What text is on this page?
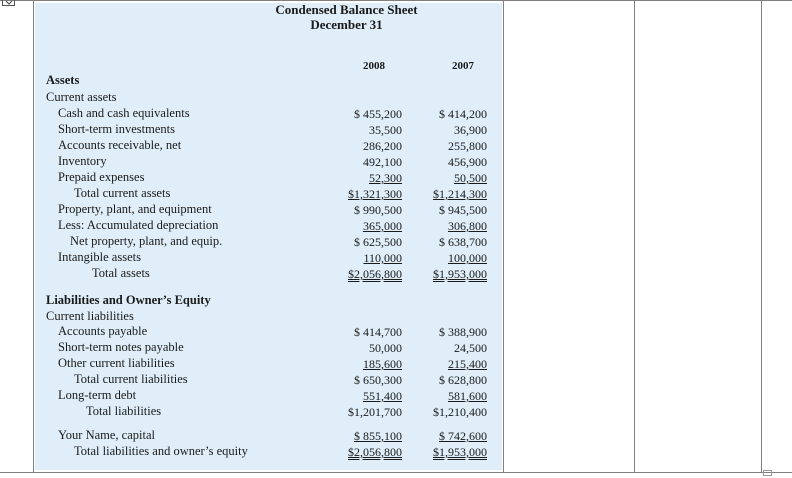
Condensed Balance Sheet
December 31
2008	2007
Assets
Current assets
Cash and cash equivalents	$ 455,200	$ 414,200
Short-term investments	35,500	36,900
Accounts receivable, net	286,200	255,800
Inventory	492,100	456,900
Prepaid expenses	52,300	50,500
Total current assets	$1,321,300	$1,214,300
Property, plant, and equipment	$ 990,500	$ 945,500
Less: Accumulated depreciation	365,000	306,800
Net property, plant, and equip.	$ 625,500	$ 638,700
Intangible assets	110,000	100,000
Total assets	$2,056,800	$1,953,000
Liabilities and Owner’s Equity
Current liabilities
Accounts payable	$ 414,700	$ 388,900
Short-term notes payable	50,000	24,500
Other current liabilities	185,600	215,400
Total current liabilities	$ 650,300	$ 628,800
Long-term debt	551,400	581,600
Total liabilities	$1,201,700	$1,210,400
Your Name, capital	$ 855,100	$ 742,600
Total liabilities and owner’s equity	$2,056,800	$1,953,000
